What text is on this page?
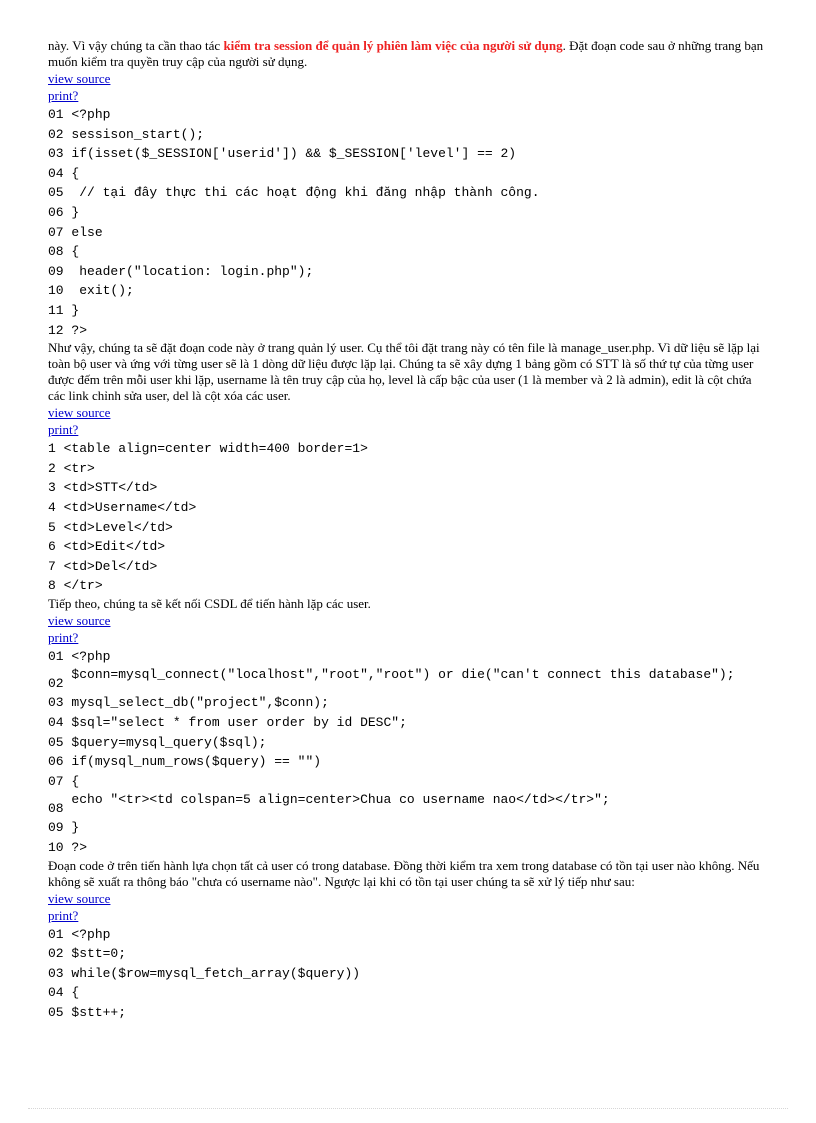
này. Vì vậy chúng ta cần thao tác kiểm tra session để quản lý phiên làm việc của người sử dụng. Đặt đoạn code sau ở những trang bạn muốn kiểm tra quyền truy cập của người sử dụng.

view source
print?
01
<?php
02
sessison_start();
03
if(isset($_SESSION['userid']) && $_SESSION['level'] == 2)
04
{
05
// tại đây thực thi các hoạt động khi đăng nhập thành công.
06
}
07
else
08
{
09
header("location: login.php");
10
exit();
11
}
12
?>

Như vậy, chúng ta sẽ đặt đoạn code này ở trang quản lý user. Cụ thể tôi đặt trang này có tên file là manage_user.php. Vì dữ liệu sẽ lặp lại toàn bộ user và ứng với từng user sẽ là 1 dòng dữ liệu được lặp lại. Chúng ta sẽ xây dựng 1 bảng gồm có STT là số thứ tự của từng user được đếm trên mỗi user khi lặp, username là tên truy cập của họ, level là cấp bậc của user (1 là member và 2 là admin), edit là cột chứa các link chỉnh sửa user, del là cột xóa các user.

view source
print?
1
<table align=center width=400 border=1>
2
<tr>
3
<td>STT</td>
4
<td>Username</td>
5
<td>Level</td>
6
<td>Edit</td>
7
<td>Del</td>
8
</tr>

Tiếp theo, chúng ta sẽ kết nối CSDL để tiến hành lặp các user.

view source
print?
01
<?php
02

$conn=mysql_connect("localhost","root","root") or die("can't connect this database");
03
mysql_select_db("project",$conn);
04
$sql="select * from user order by id DESC";
05
$query=mysql_query($sql);
06
if(mysql_num_rows($query) == "")
07
{
08

echo "<tr><td colspan=5 align=center>Chua co username nao</td></tr>";
09
}
10
?>

Đoạn code ở trên tiến hành lựa chọn tất cả user có trong database. Đồng thời kiểm tra xem trong database có tồn tại user nào không. Nếu không sẽ xuất ra thông báo "chưa có username nào". Ngược lại khi có tồn tại user chúng ta sẽ xử lý tiếp như sau:

view source
print?
01
<?php
02
$stt=0;
03
while($row=mysql_fetch_array($query))
04
{
05
$stt++;
